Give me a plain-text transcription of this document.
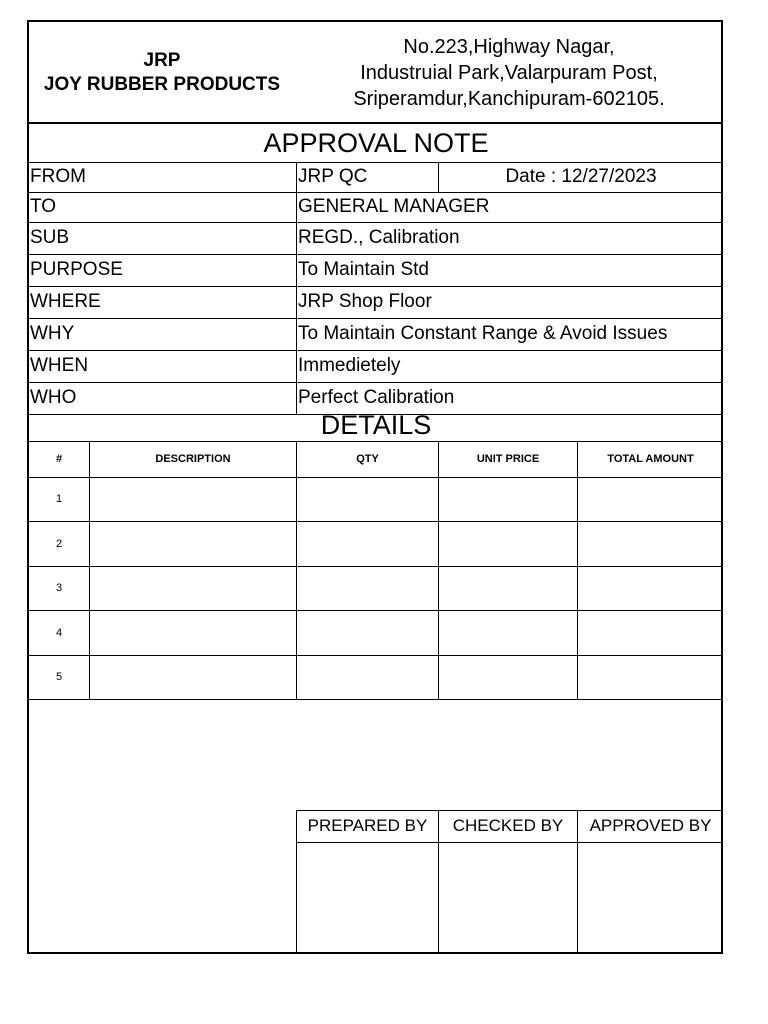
JRP
JOY RUBBER PRODUCTS
No.223,Highway Nagar,
Industruial Park,Valarpuram Post,
Sriperamdur,Kanchipuram-602105.
APPROVAL NOTE
FROM	JRP QC	Date : 12/27/2023
TO	GENERAL MANAGER
SUB	REGD., Calibration
PURPOSE	To Maintain Std
WHERE	JRP Shop Floor
WHY	To Maintain Constant Range & Avoid Issues
WHEN	Immedietely
WHO	Perfect Calibration
DETAILS
#	DESCRIPTION	QTY	UNIT PRICE	TOTAL AMOUNT
1
2
3
4
5
PREPARED BY	CHECKED BY	APPROVED BY
